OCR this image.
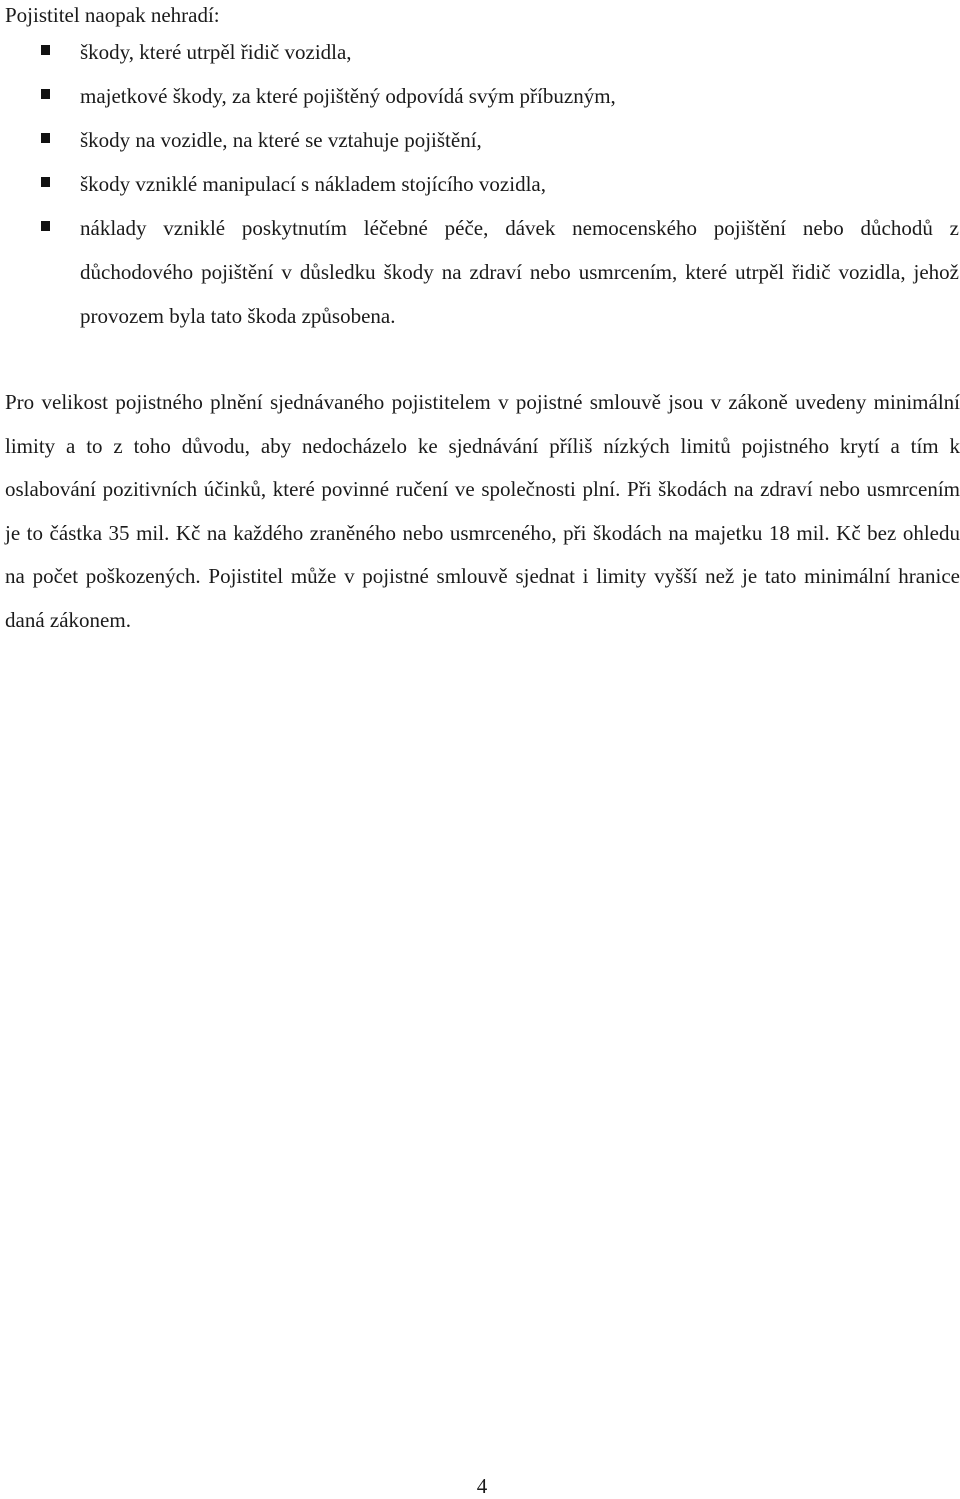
Pojistitel naopak nehradí:
škody, které utrpěl řidič vozidla,
majetkové škody, za které pojištěný odpovídá svým příbuzným,
škody na vozidle, na které se vztahuje pojištění,
škody vzniklé manipulací s nákladem stojícího vozidla,
náklady vzniklé poskytnutím léčebné péče, dávek nemocenského pojištění nebo důchodů z důchodového pojištění v důsledku škody na zdraví nebo usmrcením, které utrpěl řidič vozidla, jehož provozem byla tato škoda způsobena.

Pro velikost pojistného plnění sjednávaného pojistitelem v pojistné smlouvě jsou v zákoně uvedeny minimální limity a to z toho důvodu, aby nedocházelo ke sjednávání příliš nízkých limitů pojistného krytí a tím k oslabování pozitivních účinků, které povinné ručení ve společnosti plní. Při škodách na zdraví nebo usmrcením je to částka 35 mil. Kč na každého zraněného nebo usmrceného, při škodách na majetku 18 mil. Kč bez ohledu na počet poškozených. Pojistitel může v pojistné smlouvě sjednat i limity vyšší než je tato minimální hranice daná zákonem.

4
